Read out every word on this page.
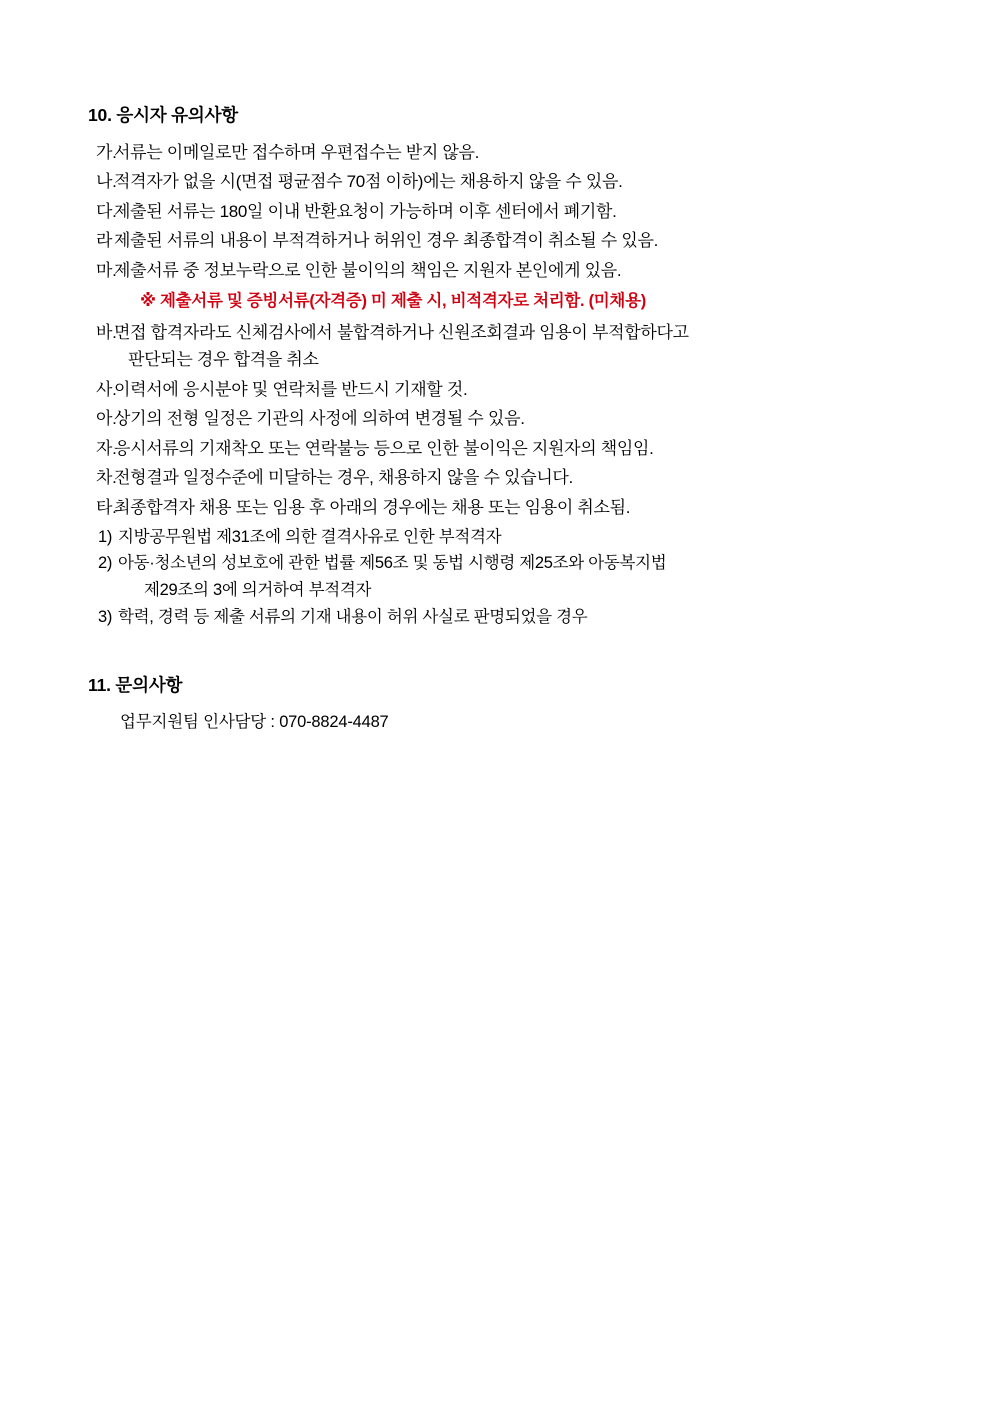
10. 응시자 유의사항
가.
서류는 이메일로만 접수하며 우편접수는 받지 않음.
나.
적격자가 없을 시(면접 평균점수 70점 이하)에는 채용하지 않을 수 있음.
다.
제출된 서류는 180일 이내 반환요청이 가능하며 이후 센터에서 폐기함.
라 제출된 서류의 내용이 부적격하거나 허위인 경우 최종합격이 취소될 수 있음.
마.
제출서류 중 정보누락으로 인한 불이익의 책임은 지원자 본인에게 있음.

※ 제출서류 및 증빙서류(자격증) 미 제출 시, 비적격자로 처리함. (미채용)

바.
면접 합격자라도 신체검사에서 불합격하거나 신원조회결과 임용이 부적합하다고
판단되는 경우 합격을 취소
사.
이력서에 응시분야 및 연락처를 반드시 기재할 것.
아.
상기의 전형 일정은 기관의 사정에 의하여 변경될 수 있음.
자.
응시서류의 기재착오 또는 연락불능 등으로 인한 불이익은 지원자의 책임임.
차.
전형결과 일정수준에 미달하는 경우, 채용하지 않을 수 있습니다.
타.
최종합격자 채용 또는 임용 후 아래의 경우에는 채용 또는 임용이 취소됨.
1) 지방공무원법 제31조에 의한 결격사유로 인한 부적격자
2) 아동·청소년의 성보호에 관한 법률 제56조 및 동법 시행령 제25조와 아동복지법
제29조의 3에 의거하여 부적격자
3) 학력, 경력 등 제출 서류의 기재 내용이 허위 사실로 판명되었을 경우
11. 문의사항

업무지원팀 인사담당 : 070-8824-4487
